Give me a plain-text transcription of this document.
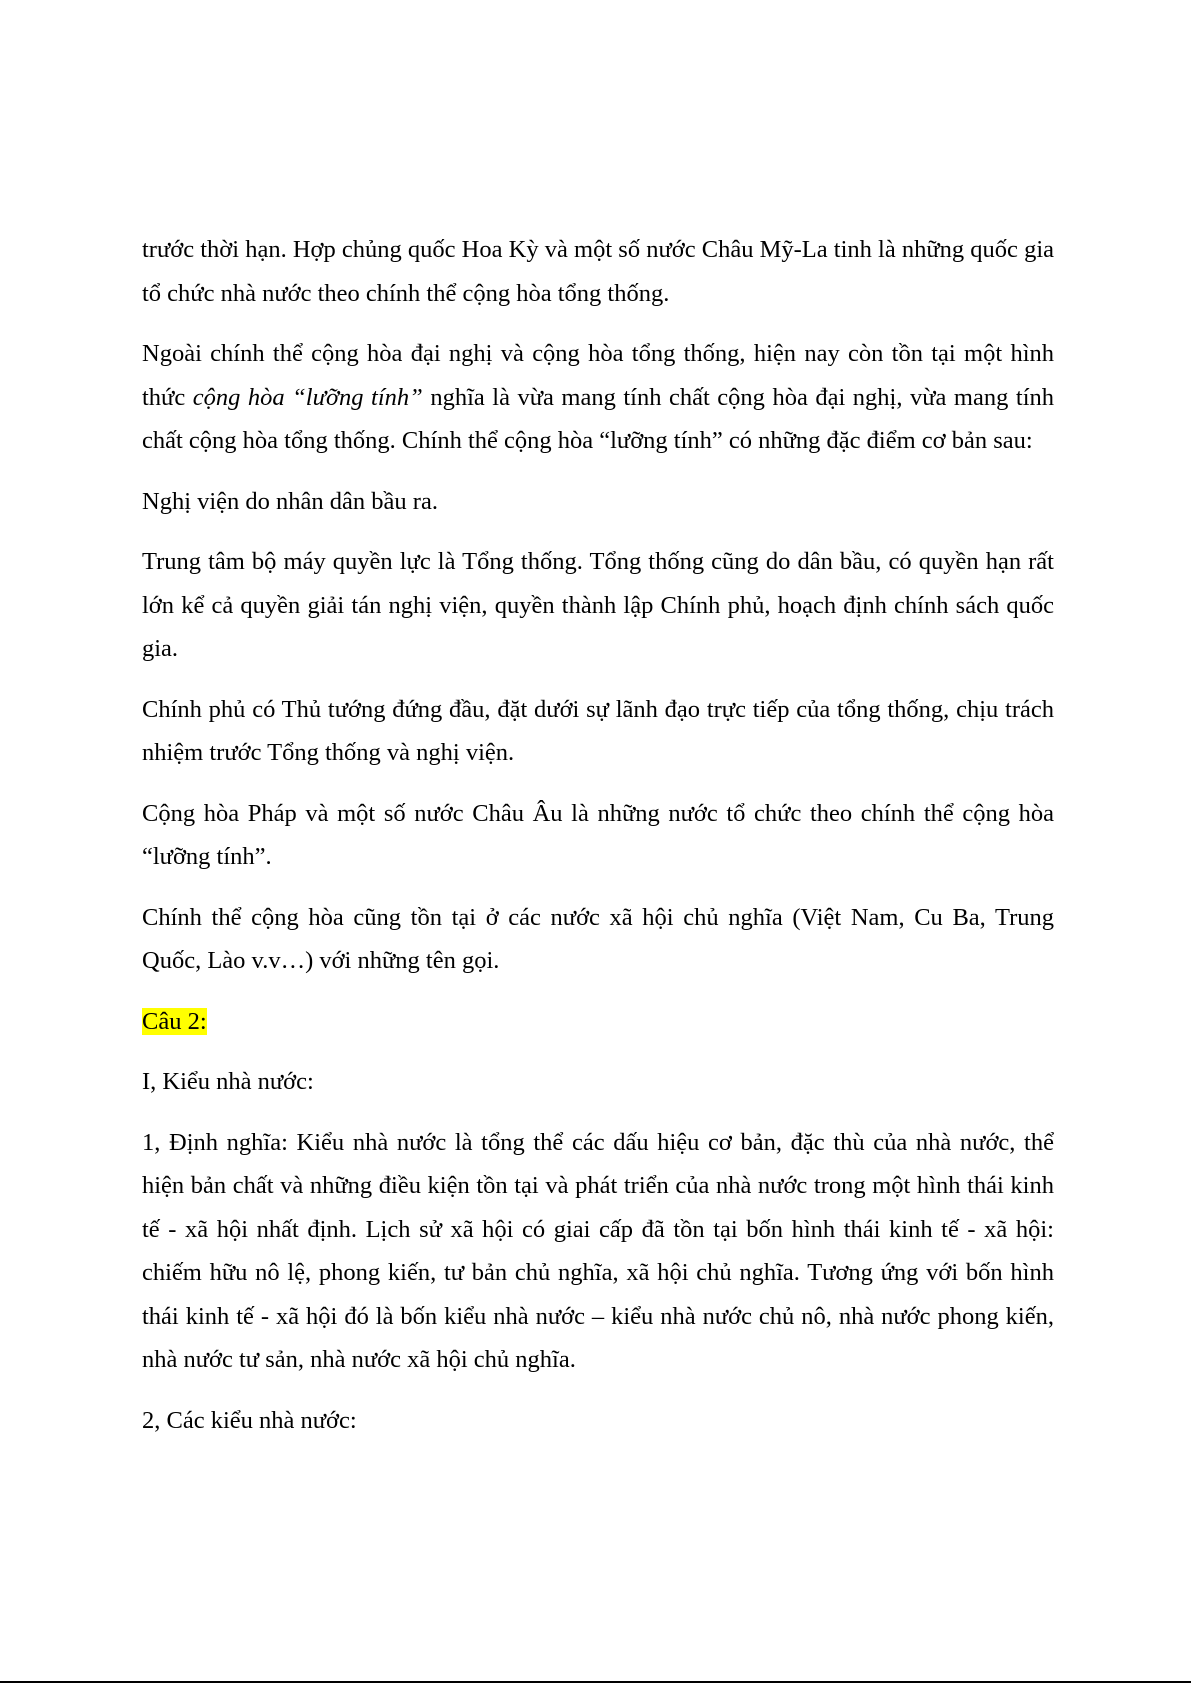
trước thời hạn. Hợp chủng quốc Hoa Kỳ và một số nước Châu Mỹ-La tinh là những quốc gia tổ chức nhà nước theo chính thể cộng hòa tổng thống.

Ngoài chính thể cộng hòa đại nghị và cộng hòa tổng thống, hiện nay còn tồn tại một hình thức cộng hòa “lưỡng tính” nghĩa là vừa mang tính chất cộng hòa đại nghị, vừa mang tính chất cộng hòa tổng thống. Chính thể cộng hòa “lưỡng tính” có những đặc điểm cơ bản sau:

Nghị viện do nhân dân bầu ra.

Trung tâm bộ máy quyền lực là Tổng thống. Tổng thống cũng do dân bầu, có quyền hạn rất lớn kể cả quyền giải tán nghị viện, quyền thành lập Chính phủ, hoạch định chính sách quốc gia.

Chính phủ có Thủ tướng đứng đầu, đặt dưới sự lãnh đạo trực tiếp của tổng thống, chịu trách nhiệm trước Tổng thống và nghị viện.

Cộng hòa Pháp và một số nước Châu Âu là những nước tổ chức theo chính thể cộng hòa “lưỡng tính”.

Chính thể cộng hòa cũng tồn tại ở các nước xã hội chủ nghĩa (Việt Nam, Cu Ba, Trung Quốc, Lào v.v…) với những tên gọi.

Câu 2:

I, Kiểu nhà nước:

1, Định nghĩa: Kiểu nhà nước là tổng thể các dấu hiệu cơ bản, đặc thù của nhà nước, thể hiện bản chất và những điều kiện tồn tại và phát triển của nhà nước trong một hình thái kinh tế - xã hội nhất định. Lịch sử xã hội có giai cấp đã tồn tại bốn hình thái kinh tế - xã hội: chiếm hữu nô lệ, phong kiến, tư bản chủ nghĩa, xã hội chủ nghĩa. Tương ứng với bốn hình thái kinh tế - xã hội đó là bốn kiểu nhà nước – kiểu nhà nước chủ nô, nhà nước phong kiến, nhà nước tư sản, nhà nước xã hội chủ nghĩa.

2, Các kiểu nhà nước:
